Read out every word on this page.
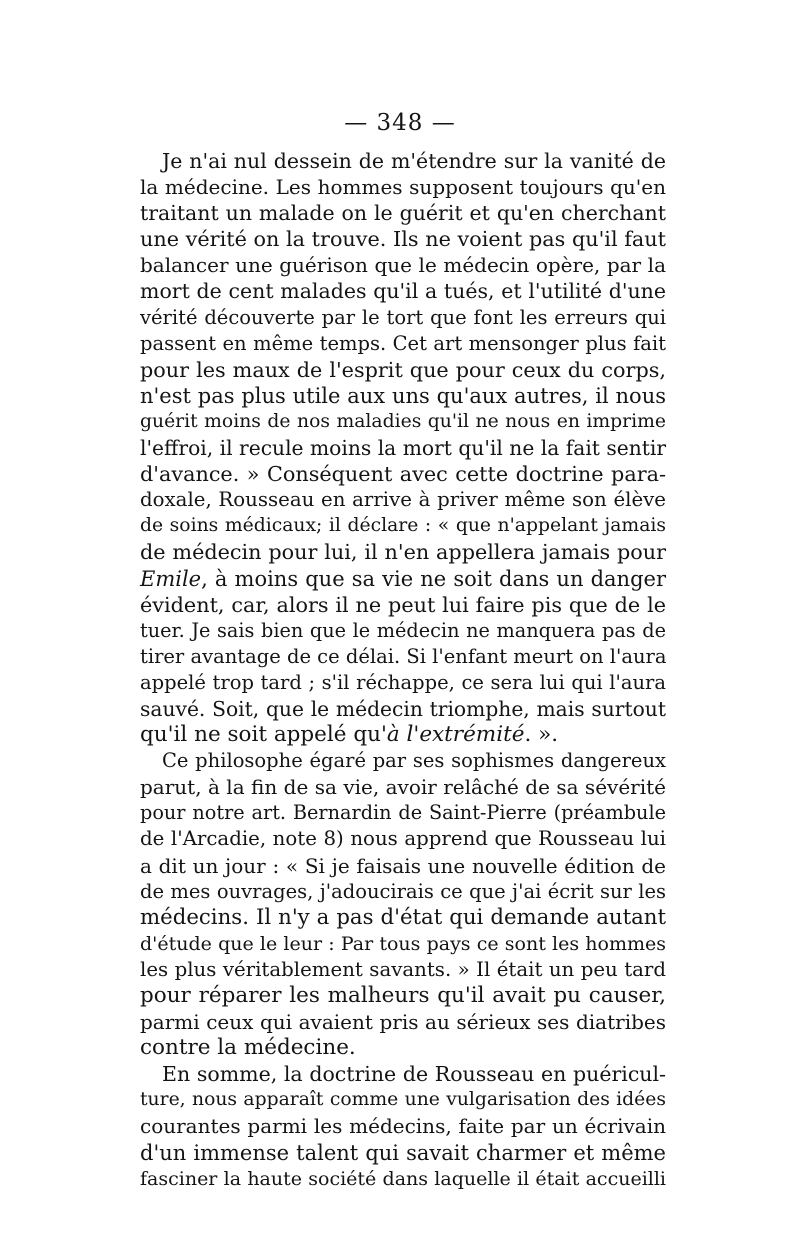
— 348 —
Je n'ai nul dessein de m'étendre sur la vanité de
la médecine. Les hommes supposent toujours qu'en
traitant un malade on le guérit et qu'en cherchant
une vérité on la trouve. Ils ne voient pas qu'il faut
balancer une guérison que le médecin opère, par la
mort de cent malades qu'il a tués, et l'utilité d'une
vérité découverte par le tort que font les erreurs qui
passent en même temps. Cet art mensonger plus fait
pour les maux de l'esprit que pour ceux du corps,
n'est pas plus utile aux uns qu'aux autres, il nous
guérit moins de nos maladies qu'il ne nous en imprime
l'effroi, il recule moins la mort qu'il ne la fait sentir
d'avance. » Conséquent avec cette doctrine para-
doxale, Rousseau en arrive à priver même son élève
de soins médicaux; il déclare : « que n'appelant jamais
de médecin pour lui, il n'en appellera jamais pour
Emile, à moins que sa vie ne soit dans un danger
évident, car, alors il ne peut lui faire pis que de le
tuer. Je sais bien que le médecin ne manquera pas de
tirer avantage de ce délai. Si l'enfant meurt on l'aura
appelé trop tard ; s'il réchappe, ce sera lui qui l'aura
sauvé. Soit, que le médecin triomphe, mais surtout
qu'il ne soit appelé qu'à l'extrémité. ».
Ce philosophe égaré par ses sophismes dangereux
parut, à la fin de sa vie, avoir relâché de sa sévérité
pour notre art. Bernardin de Saint-Pierre (préambule
de l'Arcadie, note 8) nous apprend que Rousseau lui
a dit un jour : « Si je faisais une nouvelle édition de
de mes ouvrages, j'adoucirais ce que j'ai écrit sur les
médecins. Il n'y a pas d'état qui demande autant
d'étude que le leur : Par tous pays ce sont les hommes
les plus véritablement savants. » Il était un peu tard
pour réparer les malheurs qu'il avait pu causer,
parmi ceux qui avaient pris au sérieux ses diatribes
contre la médecine.
En somme, la doctrine de Rousseau en puéricul-
ture, nous apparaît comme une vulgarisation des idées
courantes parmi les médecins, faite par un écrivain
d'un immense talent qui savait charmer et même
fasciner la haute société dans laquelle il était accueilli
